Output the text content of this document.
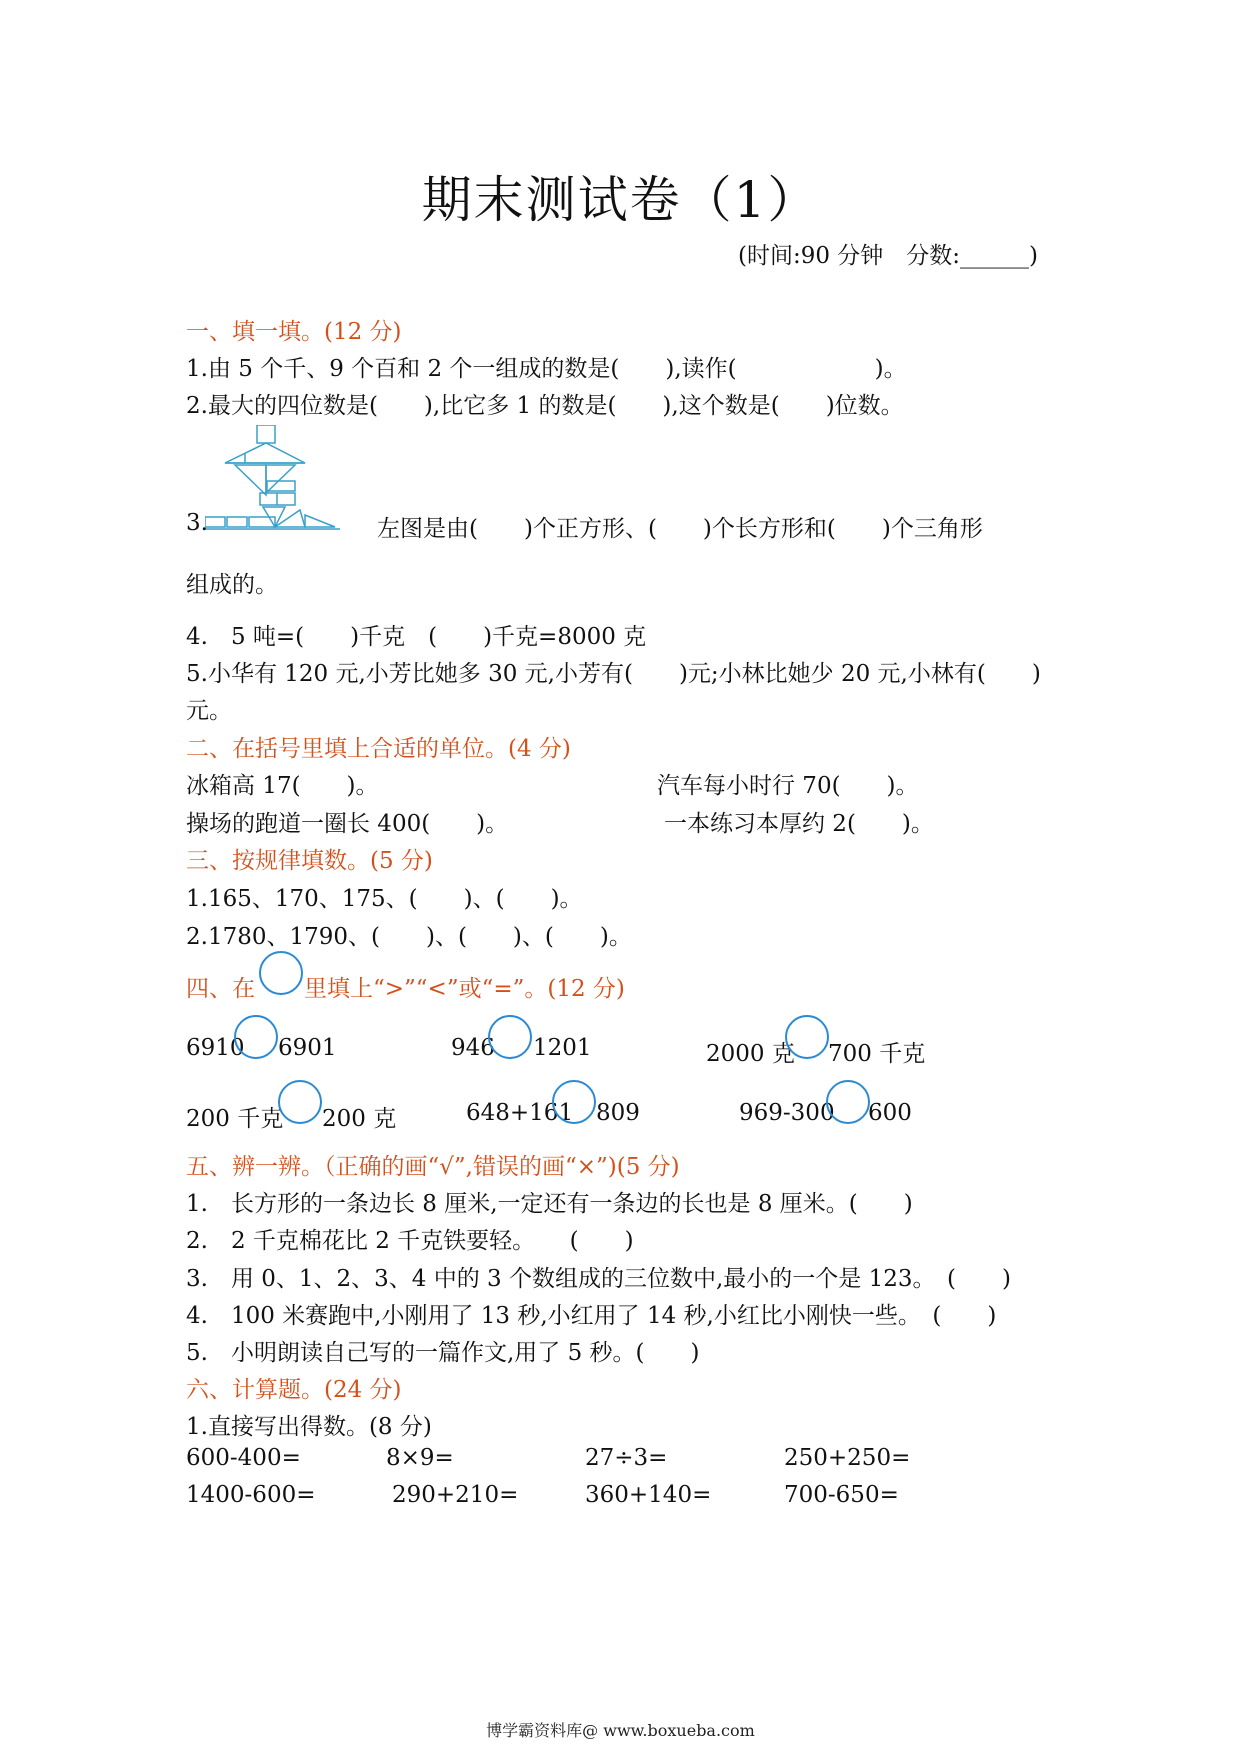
期末测试卷（1）
(时间:90 分钟　分数:______)
一、填一填。(12 分)
1.由 5 个千、9 个百和 2 个一组成的数是(　　),读作(　　　　　　)。
2.最大的四位数是(　　),比它多 1 的数是(　　),这个数是(　　)位数。
3.	左图是由(　　)个正方形、(　　)个长方形和(　　)个三角形
组成的。
4.　5 吨=(　　)千克　(　　)千克=8000 克
5.小华有 120 元,小芳比她多 30 元,小芳有(　　)元;小林比她少 20 元,小林有(　　)
元。
二、在括号里填上合适的单位。(4 分)
冰箱高 17(　　)。	汽车每小时行 70(　　)。
操场的跑道一圈长 400(　　)。	一本练习本厚约 2(　　)。
三、按规律填数。(5 分)
1.165、170、175、(　　)、(　　)。
2.1780、1790、(　　)、(　　)、(　　)。
四、在 里填上“>”“<”或“=”。(12 分)
6910 6901	946 1201	2000 克 700 千克
200 千克 200 克	648+161 809	969-300 600
五、辨一辨。（正确的画“√”,错误的画“×”)(5 分)
1.　长方形的一条边长 8 厘米,一定还有一条边的长也是 8 厘米。(　　)
2.　2 千克棉花比 2 千克铁要轻。　　(　　)
3.　用 0、1、2、3、4 中的 3 个数组成的三位数中,最小的一个是 123。　(　　)
4.　100 米赛跑中,小刚用了 13 秒,小红用了 14 秒,小红比小刚快一些。　(　　)
5.　小明朗读自己写的一篇作文,用了 5 秒。(　　)
六、计算题。(24 分)
1.直接写出得数。(8 分)
600-400=	8×9=	27÷3=	250+250=
1400-600=	290+210=	360+140=	700-650=
博学霸资料库@ www.boxueba.com
